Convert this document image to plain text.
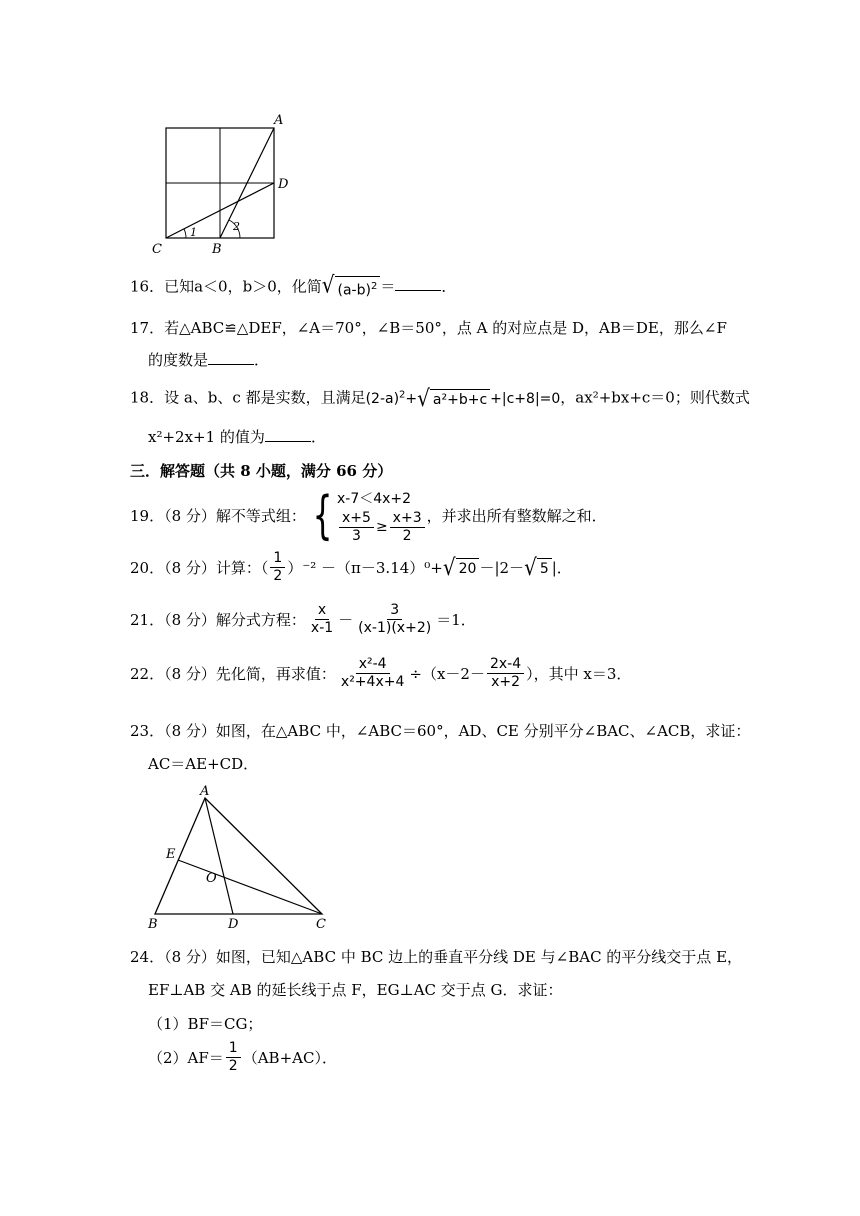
A
D
C	B
1	2
16．已知a＜0，b＞0，化简 √ $(a-b)^2$ ＝	．
17．若△ABC≌△DEF，∠A＝70°，∠B＝50°，点 A 的对应点是 D，AB＝DE，那么∠F
的度数是	．
18．设 a、b、c 都是实数，且满足$(2-a)^2+$ √ a²+b+c +|c+8|=0，ax²+bx+c＝0；则代数式
x²+2x+1 的值为	．
三．解答题（共 8 小题，满分 66 分）
19．（8 分）解不等式组： { x-7＜4x+2
$\frac{x+5}{3} \ge \frac{x+3}{2}$ ，并求出所有整数解之和．
20．（8 分）计算：（ $\frac{1}{2} )^{-2} -(\pi-3.14)^0+$ √ 20 －|2－ √ 5 |．
21．（8 分）解分式方程： $\frac{x}{x-1} - \frac{3}{(x-1)(x+2)} =1$．
22．（8 分）先化简，再求值： $\frac{\text{x²-4}}{\text{x²+4x+4}} \div(x-2- \frac{2x-4}{x+2}$ ），其中 x＝3．
23．（8 分）如图，在△ABC 中，∠ABC＝60°，AD、CE 分别平分∠BAC、∠ACB，求证：
AC＝AE+CD．
A
E
O
B	D	C
24．（8 分）如图，已知△ABC 中 BC 边上的垂直平分线 DE 与∠BAC 的平分线交于点 E，
EF⊥AB 交 AB 的延长线于点 F，EG⊥AC 交于点 G．求证：
（1）BF＝CG；
$(2)AF= \frac{1}{2} (AB+AC)$．
